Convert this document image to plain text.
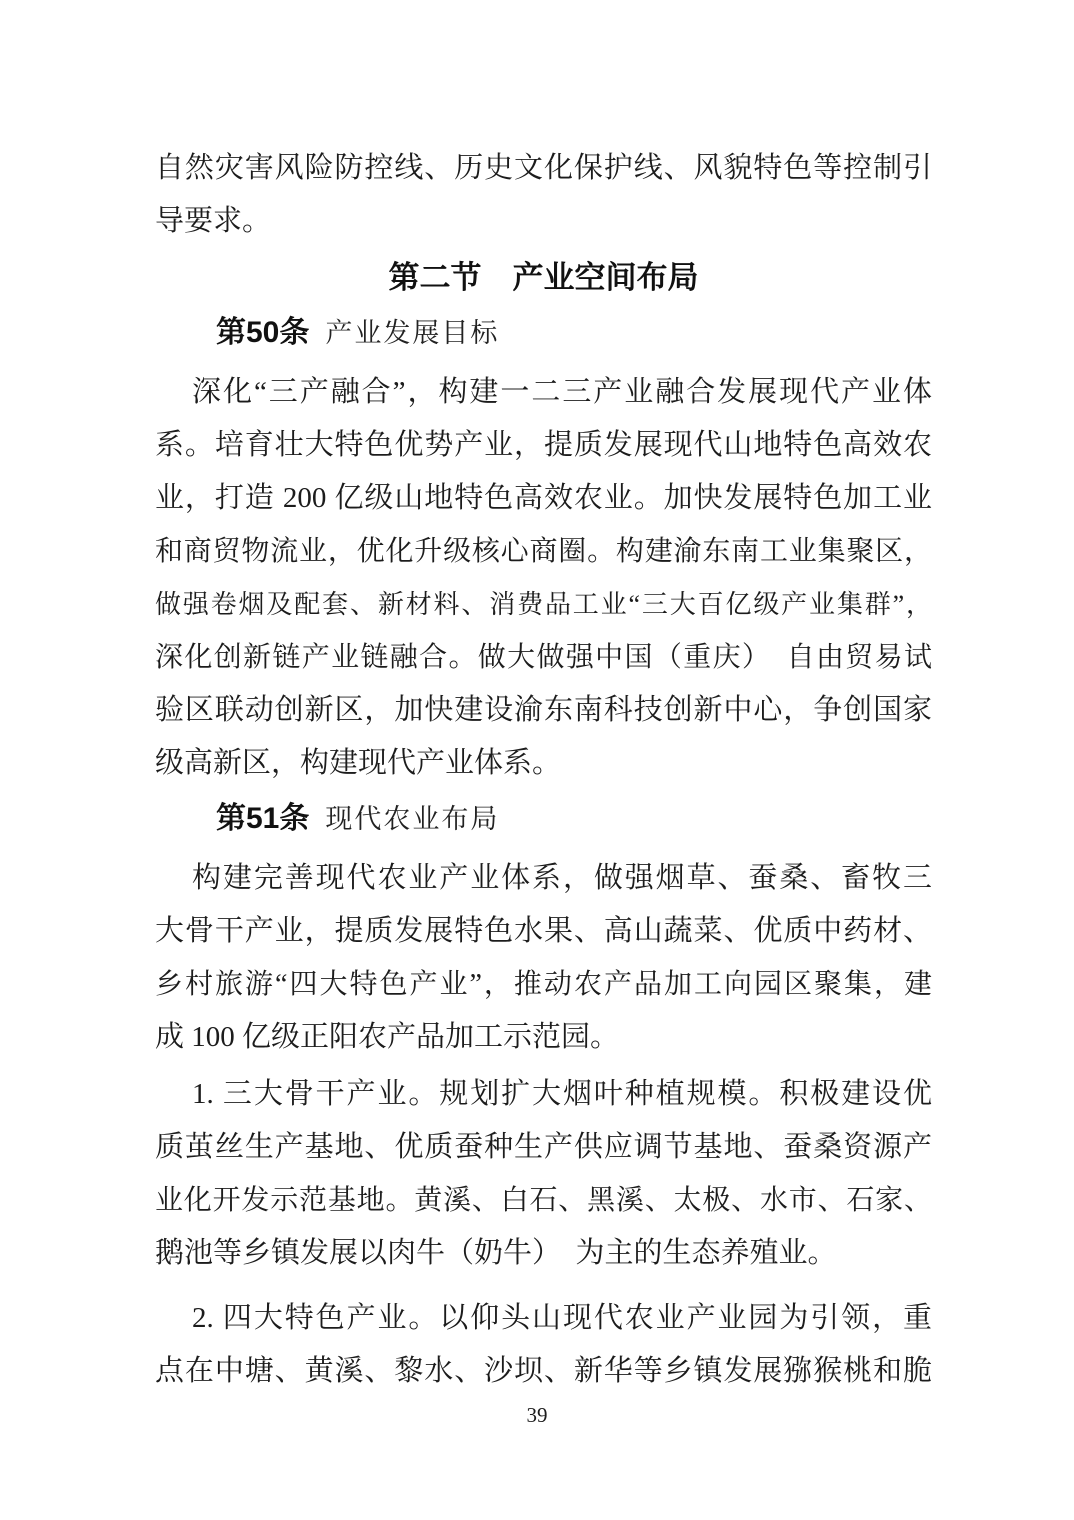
自然灾害风险防控线、历史文化保护线、风貌特色等控制引
导要求。
第二节 产业空间布局
第50条 产业发展目标
深化“三产融合”，构建一二三产业融合发展现代产业体
系。培育壮大特色优势产业，提质发展现代山地特色高效农
业，打造 200 亿级山地特色高效农业。加快发展特色加工业
和商贸物流业，优化升级核心商圈。构建渝东南工业集聚区，
做强卷烟及配套、新材料、消费品工业“三大百亿级产业集群”，
深化创新链产业链融合。做大做强中国（重庆）　自由贸易试
验区联动创新区，加快建设渝东南科技创新中心，争创国家
级高新区，构建现代产业体系。
第51条 现代农业布局
构建完善现代农业产业体系，做强烟草、蚕桑、畜牧三
大骨干产业，提质发展特色水果、高山蔬菜、优质中药材、
乡村旅游“四大特色产业”，推动农产品加工向园区聚集，建
成 100 亿级正阳农产品加工示范园。
1. 三大骨干产业。规划扩大烟叶种植规模。积极建设优
质茧丝生产基地、优质蚕种生产供应调节基地、蚕桑资源产
业化开发示范基地。黄溪、白石、黑溪、太极、水市、石家、
鹅池等乡镇发展以肉牛（奶牛）　为主的生态养殖业。
2. 四大特色产业。以仰头山现代农业产业园为引领，重
点在中塘、黄溪、黎水、沙坝、新华等乡镇发展猕猴桃和脆
39
